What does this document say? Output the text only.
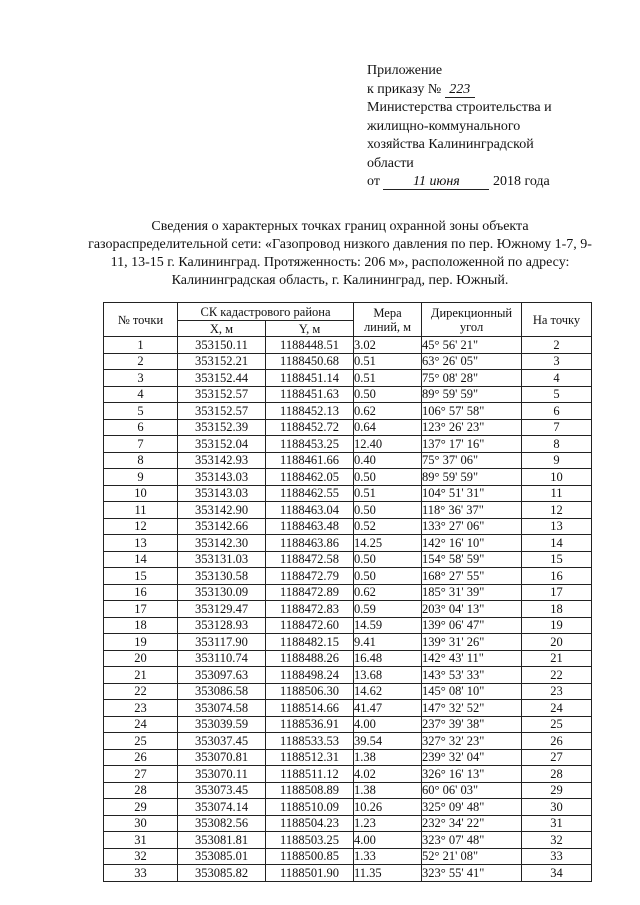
Приложение
к приказу № 223
Министерства строительства и
жилищно-коммунального
хозяйства Калининградской
области
от 11 июня 2018 года
Сведения о характерных точках границ охранной зоны объекта газораспределительной сети: «Газопровод низкого давления по пер. Южному 1-7, 9-11, 13-15 г. Калининград. Протяженность: 206 м», расположенной по адресу: Калининградская область, г. Калининград, пер. Южный.
№ точки	СК кадастрового района		Мера линий, м	Дирекционный угол	На точку
	X, м	Y, м			
1	353150.11	1188448.51	3.02	45° 56' 21"	2
2	353152.21	1188450.68	0.51	63° 26' 05"	3
3	353152.44	1188451.14	0.51	75° 08' 28"	4
4	353152.57	1188451.63	0.50	89° 59' 59"	5
5	353152.57	1188452.13	0.62	106° 57' 58"	6
6	353152.39	1188452.72	0.64	123° 26' 23"	7
7	353152.04	1188453.25	12.40	137° 17' 16"	8
8	353142.93	1188461.66	0.40	75° 37' 06"	9
9	353143.03	1188462.05	0.50	89° 59' 59"	10
10	353143.03	1188462.55	0.51	104° 51' 31"	11
11	353142.90	1188463.04	0.50	118° 36' 37"	12
12	353142.66	1188463.48	0.52	133° 27' 06"	13
13	353142.30	1188463.86	14.25	142° 16' 10"	14
14	353131.03	1188472.58	0.50	154° 58' 59"	15
15	353130.58	1188472.79	0.50	168° 27' 55"	16
16	353130.09	1188472.89	0.62	185° 31' 39"	17
17	353129.47	1188472.83	0.59	203° 04' 13"	18
18	353128.93	1188472.60	14.59	139° 06' 47"	19
19	353117.90	1188482.15	9.41	139° 31' 26"	20
20	353110.74	1188488.26	16.48	142° 43' 11"	21
21	353097.63	1188498.24	13.68	143° 53' 33"	22
22	353086.58	1188506.30	14.62	145° 08' 10"	23
23	353074.58	1188514.66	41.47	147° 32' 52"	24
24	353039.59	1188536.91	4.00	237° 39' 38"	25
25	353037.45	1188533.53	39.54	327° 32' 23"	26
26	353070.81	1188512.31	1.38	239° 32' 04"	27
27	353070.11	1188511.12	4.02	326° 16' 13"	28
28	353073.45	1188508.89	1.38	60° 06' 03"	29
29	353074.14	1188510.09	10.26	325° 09' 48"	30
30	353082.56	1188504.23	1.23	232° 34' 22"	31
31	353081.81	1188503.25	4.00	323° 07' 48"	32
32	353085.01	1188500.85	1.33	52° 21' 08"	33
33	353085.82	1188501.90	11.35	323° 55' 41"	34
